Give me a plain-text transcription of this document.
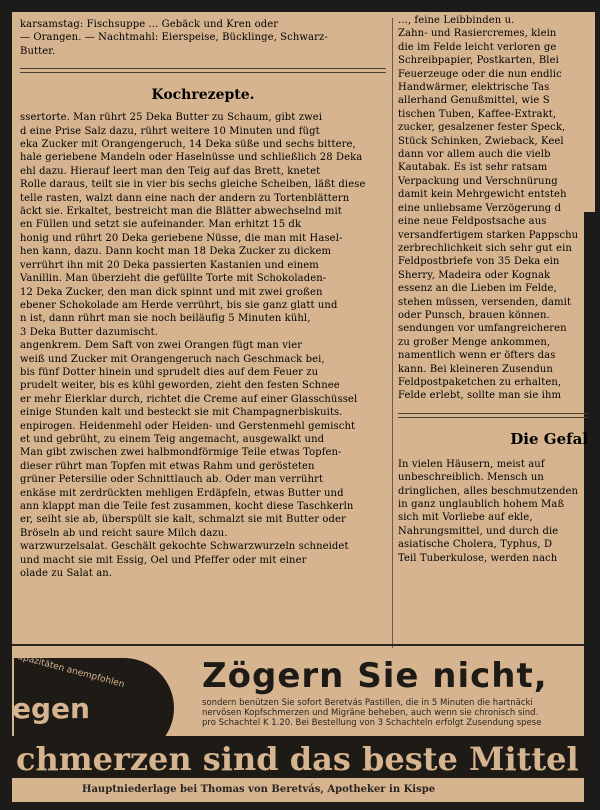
karsamstag: Fischsuppe ... Gebäck und Kren oder
— Orangen. — Nachtmahl: Eierspeise, Bücklinge, Schwarz-
Butter.
Kochrezepte.
ssertorte. Man rührt 25 Deka Butter zu Schaum, gibt zwei
d eine Prise Salz dazu, rührt weitere 10 Minuten und fügt
eka Zucker mit Orangengeruch, 14 Deka süße und sechs bittere,
hale geriebene Mandeln oder Haselnüsse und schließlich 28 Deka
ehl dazu. Hierauf leert man den Teig auf das Brett, knetet
Rolle daraus, teilt sie in vier bis sechs gleiche Scheiben, läßt diese
telle rasten, walzt dann eine nach der andern zu Tortenblättern
äckt sie. Erkaltet, bestreicht man die Blätter abwechselnd mit
en Füllen und setzt sie aufeinander. Man erhitzt 15 dk
honig und rührt 20 Deka geriebene Nüsse, die man mit Hasel-
hen kann, dazu. Dann kocht man 18 Deka Zucker zu dickem
verrührt ihn mit 20 Deka passierten Kastanien und einem
Vanillin. Man überzieht die gefüllte Torte mit Schokoladen-
12 Deka Zucker, den man dick spinnt und mit zwei großen
ebener Schokolade am Herde verrührt, bis sie ganz glatt und
n ist, dann rührt man sie noch beiläufig 5 Minuten kühl,
3 Deka Butter dazumischt.
angenkrem. Dem Saft von zwei Orangen fügt man vier
weiß und Zucker mit Orangengeruch nach Geschmack bei,
bis fünf Dotter hinein und sprudelt dies auf dem Feuer zu
prudelt weiter, bis es kühl geworden, zieht den festen Schnee
er mehr Eierklar durch, richtet die Creme auf einer Glasschüssel
einige Stunden kalt und besteckt sie mit Champagnerbiskuits.
enpirogen. Heidenmehl oder Heiden- und Gerstenmehl gemischt
et und gebrüht, zu einem Teig angemacht, ausgewalkt und
Man gibt zwischen zwei halbmondförmige Teile etwas Topfen-
dieser rührt man Topfen mit etwas Rahm und gerösteten
grüner Petersilie oder Schnittlauch ab. Oder man verrührt
enkäse mit zerdrückten mehligen Erdäpfeln, etwas Butter und
ann klappt man die Teile fest zusammen, kocht diese Taschkerln
er, seiht sie ab, überspült sie kalt, schmalzt sie mit Butter oder
Bröseln ab und reicht saure Milch dazu.
warzwurzelsalat. Geschält gekochte Schwarzwurzeln schneidet
und macht sie mit Essig, Oel und Pfeffer oder mit einer
olade zu Salat an.
..., feine Leibbinden u.
Zahn- und Rasiercremes, klein
die im Felde leicht verloren ge
Schreibpapier, Postkarten, Blei
Feuerzeuge oder die nun endlic
Handwärmer, elektrische Tas
allerhand Genußmittel, wie S
tischen Tuben, Kaffee-Extrakt,
zucker, gesalzener fester Speck,
Stück Schinken, Zwieback, Keel
dann vor allem auch die vielb
Kautabak. Es ist sehr ratsam
Verpackung und Verschnürung
damit kein Mehrgewicht entsteh
eine unliebsame Verzögerung d
eine neue Feldpostsache aus
versandfertigem starken Pappschu
zerbrechlichkeit sich sehr gut ein
Feldpostbriefe von 35 Deka ein
Sherry, Madeira oder Kognak
essenz an die Lieben im Felde,
stehen müssen, versenden, damit
oder Punsch, brauen können.
sendungen vor umfangreicheren
zu großer Menge ankommen,
namentlich wenn er öfters das
kann. Bei kleineren Zusendun
Feldpostpaketchen zu erhalten,
Felde erlebt, sollte man sie ihm
Die Gefal
In vielen Häusern, meist auf
unbeschreiblich. Mensch un
dringlichen, alles beschmutzenden
in ganz unglaublich hohem Maß
sich mit Vorliebe auf ekle,
Nahrungsmittel, und durch die
asiatische Cholera, Typhus, D
Teil Tuberkulose, werden nach
apazitäten anempfohlen
egen
Zögern Sie nicht,
sondern benützen Sie sofort Beretvás Pastillen, die in 5 Minuten die hartnäcki
nervösen Kopfschmerzen und Migräne beheben, auch wenn sie chronisch sind.
pro Schachtel K 1.20. Bei Bestellung von 3 Schachteln erfolgt Zusendung spese
chmerzen sind das beste Mittel
Hauptniederlage bei Thomas von Beretvás, Apotheker in Kispe
